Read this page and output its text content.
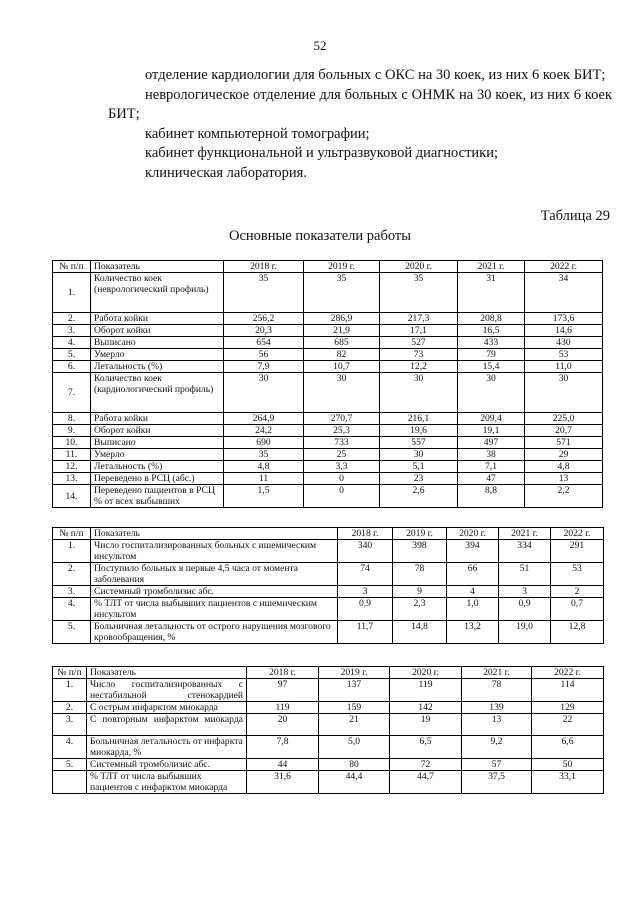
52

отделение кардиологии для больных с ОКС на 30 коек, из них 6 коек БИТ;

неврологическое отделение для больных с ОНМК на 30 коек, из них 6 коек БИТ;

кабинет компьютерной томографии;

кабинет функциональной и ультразвуковой диагностики;

клиническая лаборатория.

Таблица 29
Основные показатели работы
№ п/п	Показатель	2018 г.	2019 г.	2020 г.	2021 г.	2022 г.
1.	Количество коек (неврологический профиль)	35	35	35	31	34
2.	Работа койки	256,2	286,9	217,3	208,8	173,6
3.	Оборот койки	20,3	21,9	17,1	16,5	14,6
4.	Выписано	654	685	527	433	430
5.	Умерло	56	82	73	79	53
6.	Летальность (%)	7,9	10,7	12,2	15,4	11,0
7.	Количество коек (кардиологический профиль)	30	30	30	30	30
8.	Работа койки	264,9	270,7	216,1	209,4	225,0
9.	Оборот койки	24,2	25,3	19,6	19,1	20,7
10.	Выписано	690	733	557	497	571
11.	Умерло	35	25	30	38	29
12.	Летальность (%)	4,8	3,3	5,1	7,1	4,8
13.	Переведено в РСЦ (абс.)	11	0	23	47	13
14.	Переведено пациентов в РСЦ % от всех выбывших	1,5	0	2,6	8,8	2,2
№ п/п	Показатель	2018 г.	2019 г.	2020 г.	2021 г.	2022 г.
1.	Число госпитализированных больных с ишемическим инсультом	340	398	394	334	291
2.	Поступило больных в первые 4,5 часа от момента заболевания	74	78	66	51	53
3.	Системный тромболизис абс.	3	9	4	3	2
4.	% ТЛТ от числа выбывших пациентов с ишемическим инсультом	0,9	2,3	1,0	0,9	0,7
5.	Больничная летальность от острого нарушения мозгового кровообращения, %	11,7	14,8	13,2	19,0	12,8
№ п/п	Показатель	2018 г.	2019 г.	2020 г.	2021 г.	2022 г.
1.	Число госпитализированных с нестабильной стенокардией	97	137	119	78	114
2.	С острым инфарктом миокарда	119	159	142	139	129
3.	С повторным инфарктом миокарда	20	21	19	13	22
4.	Больничная летальность от инфаркта миокарда, %	7,8	5,0	6,5	9,2	6,6
5.	Системный тромболизис абс.	44	80	72	57	50
	% ТЛТ от числа выбывших пациентов с инфарктом миокарда	31,6	44,4	44,7	37,5	33,1
